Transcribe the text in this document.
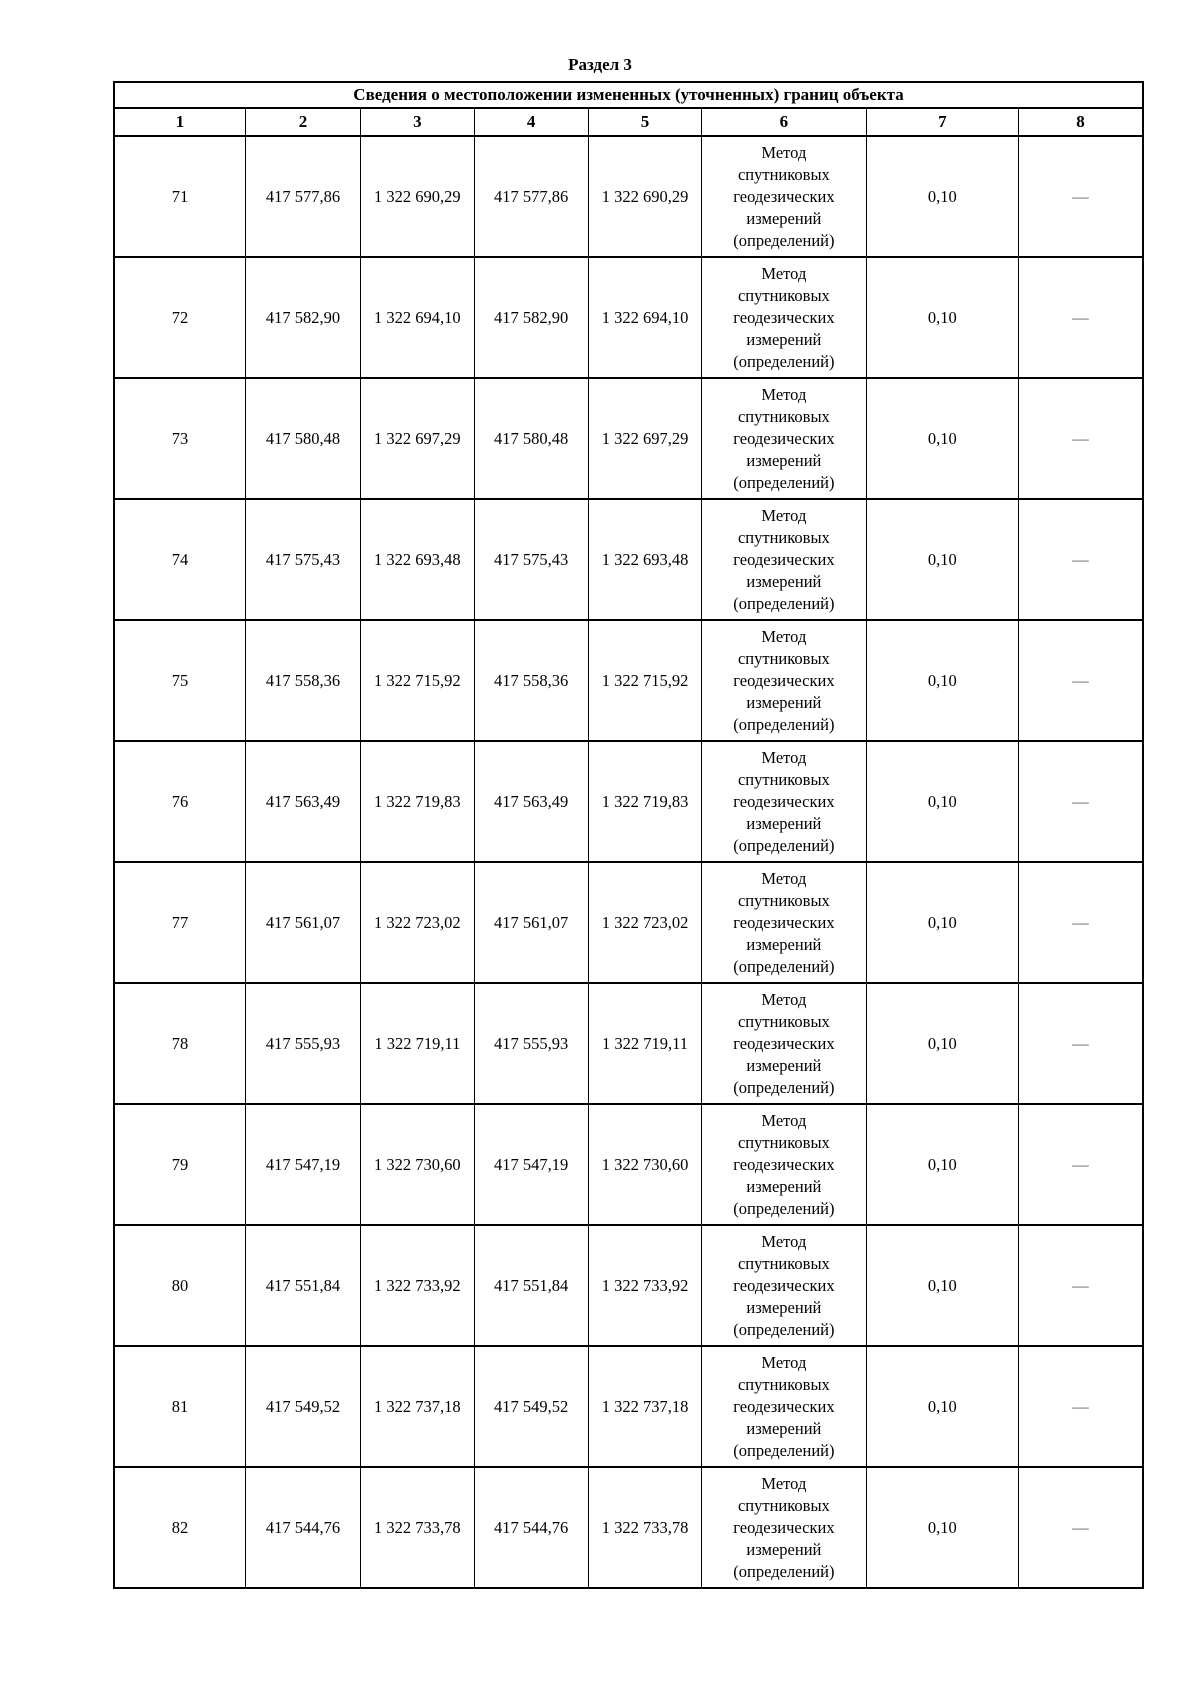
Раздел 3
Сведения о местоположении измененных (уточненных) границ объекта							
1	2	3	4	5	6	7	8
71	417 577,86	1 322 690,29	417 577,86	1 322 690,29	Метод
спутниковых
геодезических
измерений
(определений)	0,10	—
72	417 582,90	1 322 694,10	417 582,90	1 322 694,10	Метод
спутниковых
геодезических
измерений
(определений)	0,10	—
73	417 580,48	1 322 697,29	417 580,48	1 322 697,29	Метод
спутниковых
геодезических
измерений
(определений)	0,10	—
74	417 575,43	1 322 693,48	417 575,43	1 322 693,48	Метод
спутниковых
геодезических
измерений
(определений)	0,10	—
75	417 558,36	1 322 715,92	417 558,36	1 322 715,92	Метод
спутниковых
геодезических
измерений
(определений)	0,10	—
76	417 563,49	1 322 719,83	417 563,49	1 322 719,83	Метод
спутниковых
геодезических
измерений
(определений)	0,10	—
77	417 561,07	1 322 723,02	417 561,07	1 322 723,02	Метод
спутниковых
геодезических
измерений
(определений)	0,10	—
78	417 555,93	1 322 719,11	417 555,93	1 322 719,11	Метод
спутниковых
геодезических
измерений
(определений)	0,10	—
79	417 547,19	1 322 730,60	417 547,19	1 322 730,60	Метод
спутниковых
геодезических
измерений
(определений)	0,10	—
80	417 551,84	1 322 733,92	417 551,84	1 322 733,92	Метод
спутниковых
геодезических
измерений
(определений)	0,10	—
81	417 549,52	1 322 737,18	417 549,52	1 322 737,18	Метод
спутниковых
геодезических
измерений
(определений)	0,10	—
82	417 544,76	1 322 733,78	417 544,76	1 322 733,78	Метод
спутниковых
геодезических
измерений
(определений)	0,10	—
